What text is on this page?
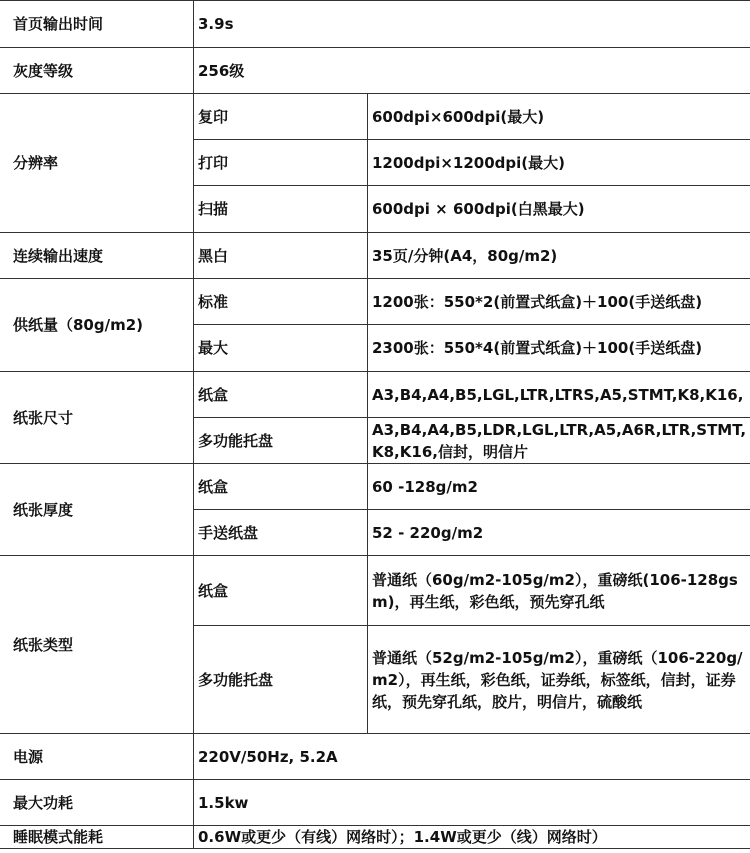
首页输出时间	3.9s	
灰度等级	256级	
分辨率	复印	600dpi×600dpi(最大)
	打印	1200dpi×1200dpi(最大)
	扫描	600dpi × 600dpi(白黑最大)
连续输出速度	黑白	35页/分钟(A4，80g/m2)
供纸量（80g/m2)	标准	1200张：550*2(前置式纸盒)＋100(手送纸盘)
	最大	2300张：550*4(前置式纸盒)＋100(手送纸盘)
纸张尺寸	纸盒	A3,B4,A4,B5,LGL,LTR,LTRS,A5,STMT,K8,K16,
	多功能托盘	A3,B4,A4,B5,LDR,LGL,LTR,A5,A6R,LTR,STMT,K8,K16,信封，明信片
纸张厚度	纸盒	60 -128g/m2
	手送纸盘	52 - 220g/m2
纸张类型	纸盒	普通纸（60g/m2-105g/m2），重磅纸(106-128gsm)，再生纸，彩色纸，预先穿孔纸
	多功能托盘	普通纸（52g/m2-105g/m2），重磅纸（106-220g/m2），再生纸，彩色纸，证券纸，标签纸，信封，证券纸，预先穿孔纸，胶片，明信片，硫酸纸
电源	220V/50Hz, 5.2A	
最大功耗	1.5kw	
睡眠模式能耗	0.6W或更少（有线）网络时）；1.4W或更少（线）网络时）	
